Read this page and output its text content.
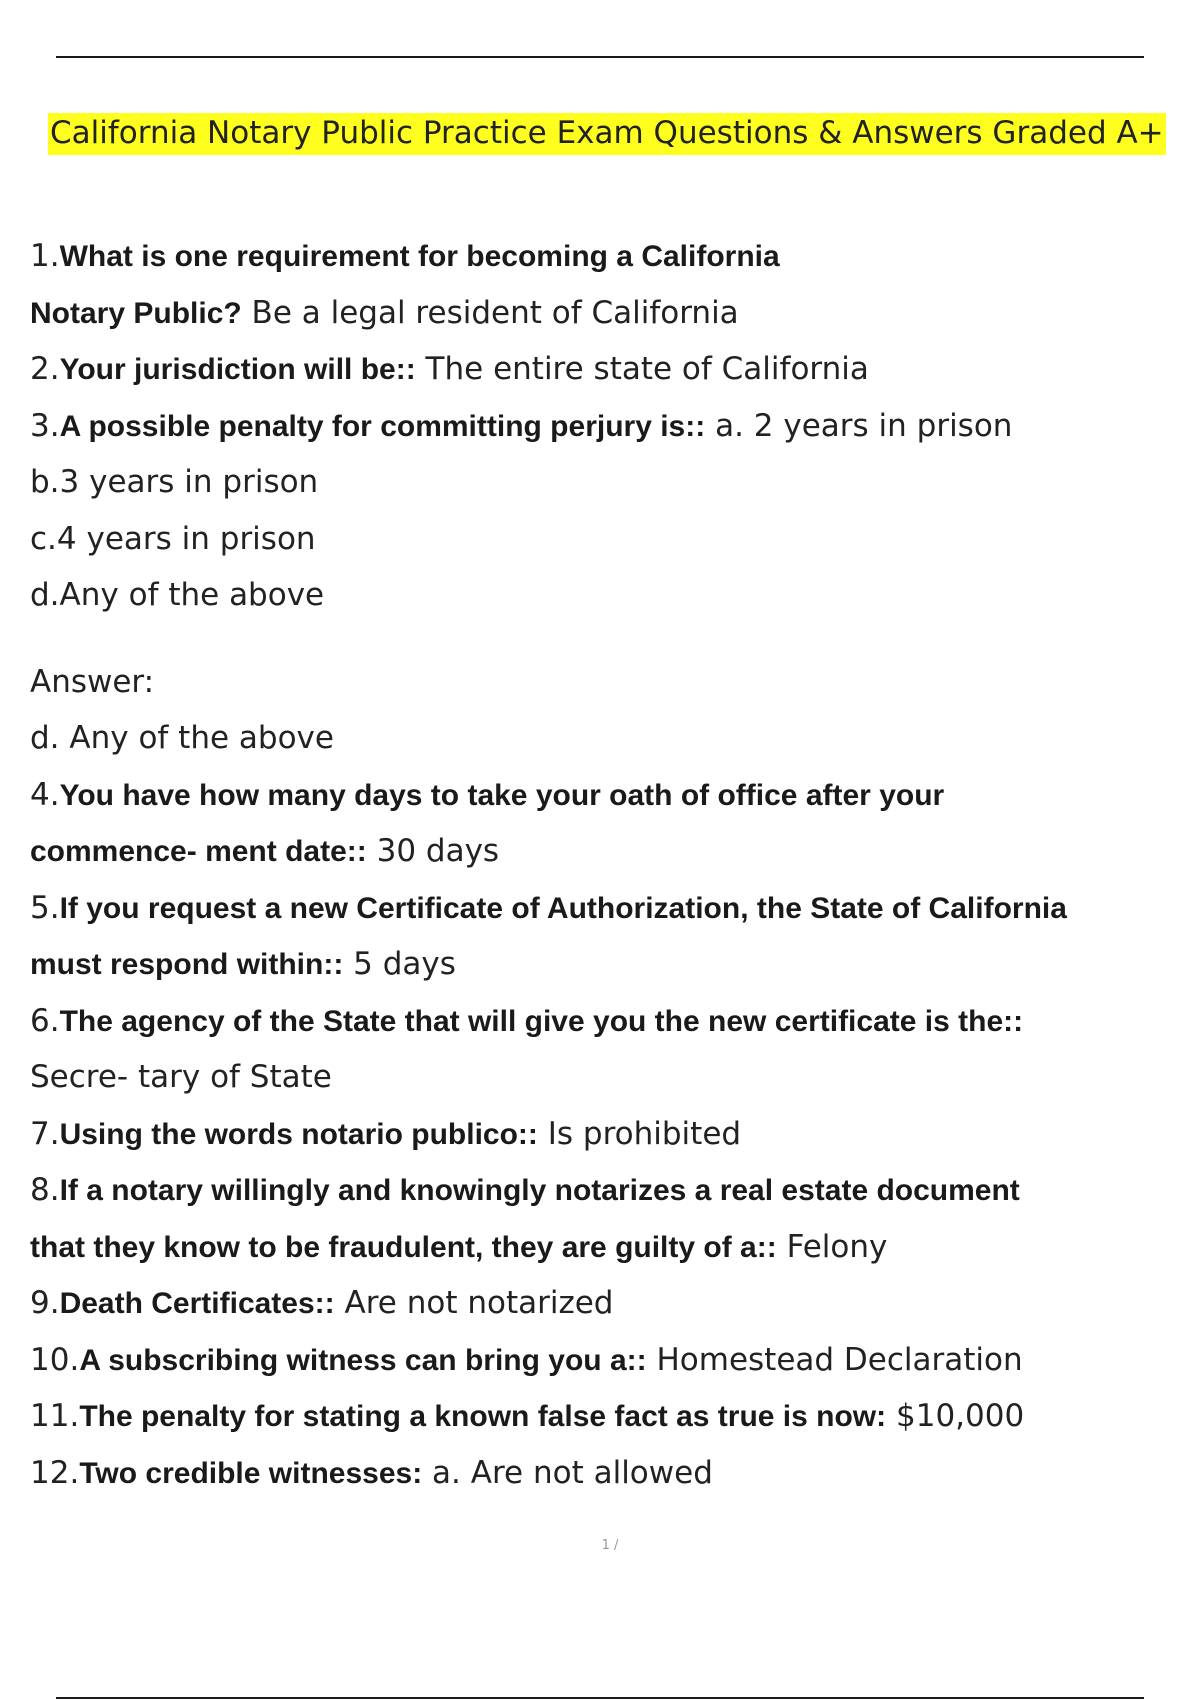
California Notary Public Practice Exam Questions & Answers Graded A+
1.What is one requirement for becoming a California
Notary Public? Be a legal resident of California
2.Your jurisdiction will be:: The entire state of California
3.A possible penalty for committing perjury is:: a. 2 years in prison
b.3 years in prison
c.4 years in prison
d.Any of the above
Answer:
d. Any of the above
4.You have how many days to take your oath of office after your
commence- ment date:: 30 days
5.If you request a new Certificate of Authorization, the State of California
must respond within:: 5 days
6.The agency of the State that will give you the new certificate is the::
Secre- tary of State
7.Using the words notario publico:: Is prohibited
8.If a notary willingly and knowingly notarizes a real estate document
that they know to be fraudulent, they are guilty of a:: Felony
9.Death Certificates:: Are not notarized
10.A subscribing witness can bring you a:: Homestead Declaration
11.The penalty for stating a known false fact as true is now: $10,000
12.Two credible witnesses: a. Are not allowed
1 /
